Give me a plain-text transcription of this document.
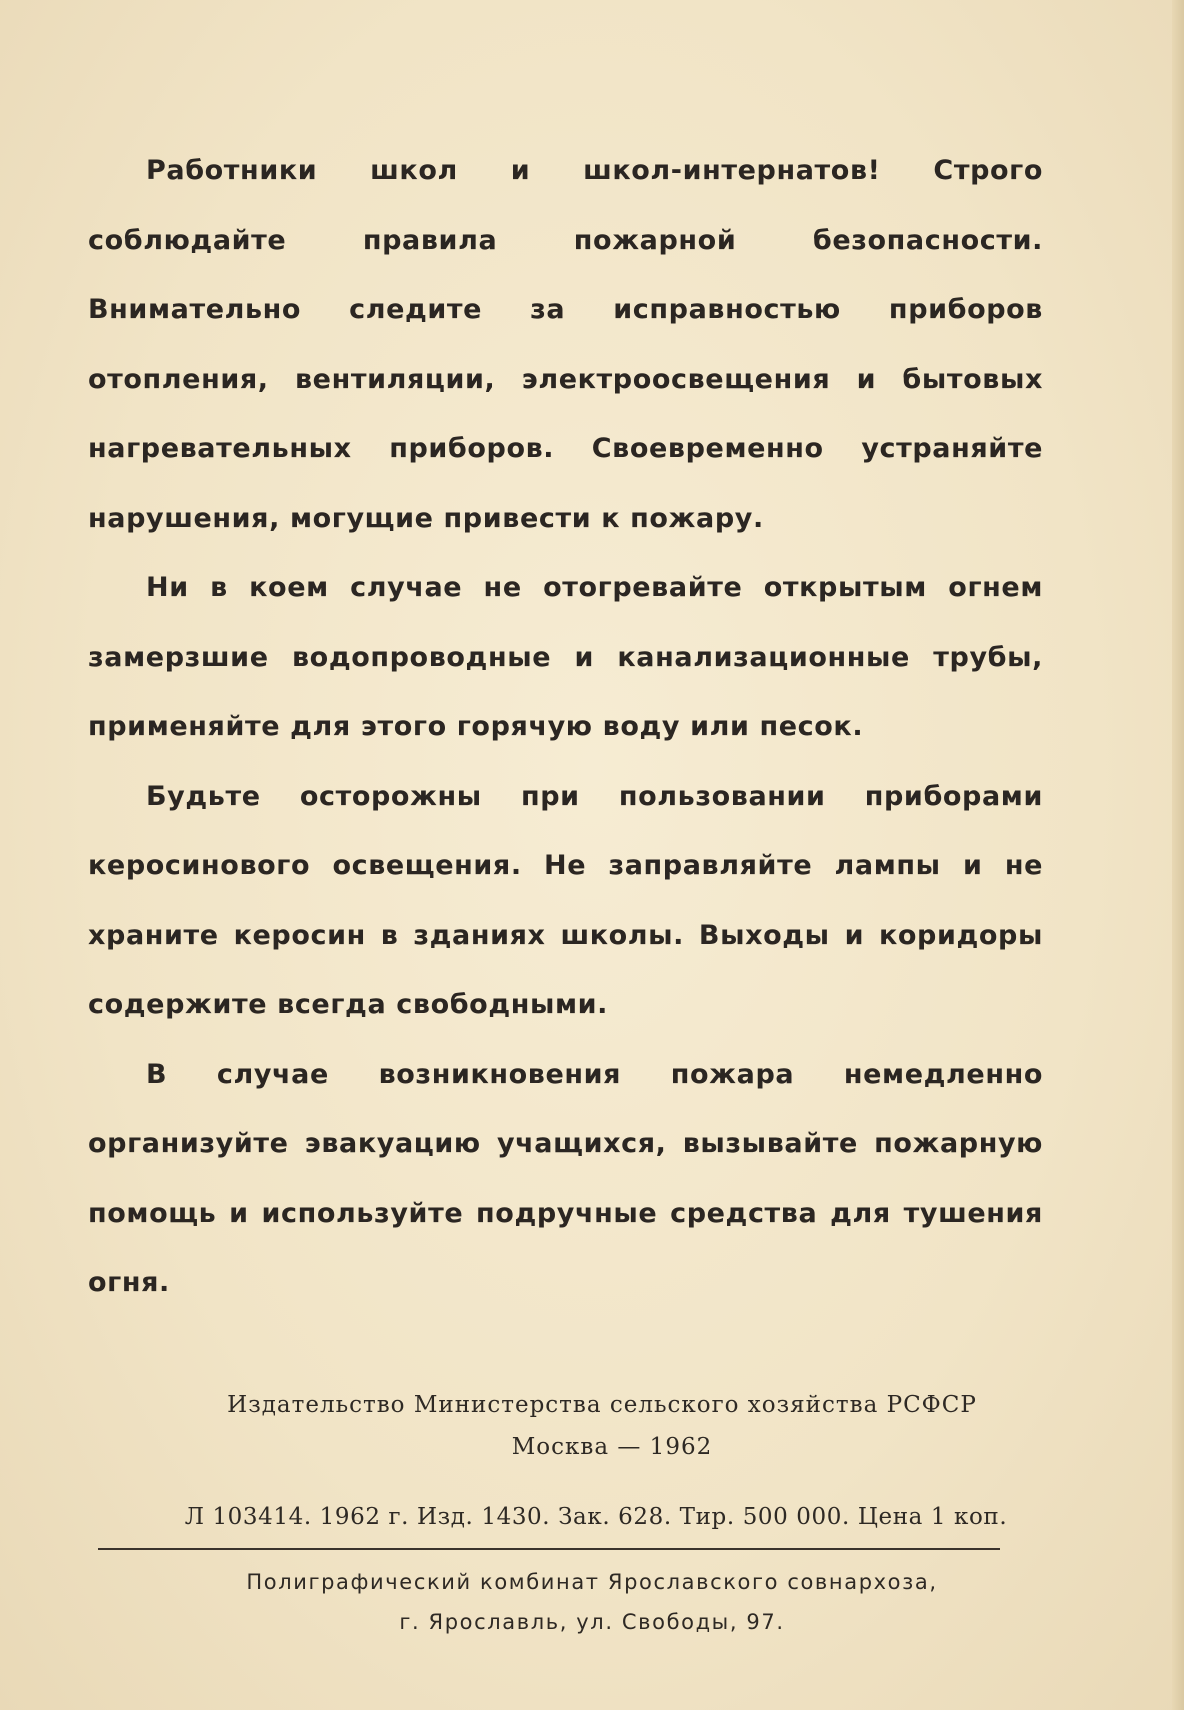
Работники школ и школ-интернатов! Строго соблюдайте правила пожарной безопасности. Внимательно следите за исправностью приборов отопления, вентиляции, электроосвещения и бытовых нагревательных приборов. Своевременно устраняйте нарушения, могущие привести к пожару.

Ни в коем случае не отогревайте открытым огнем замерзшие водопроводные и канализационные трубы, применяйте для этого горячую воду или песок.

Будьте осторожны при пользовании приборами керосинового освещения. Не заправляйте лампы и не храните керосин в зданиях школы. Выходы и коридоры содержите всегда свободными.

В случае возникновения пожара немедленно организуйте эвакуацию учащихся, вызывайте пожарную помощь и используйте подручные средства для тушения огня.

Издательство Министерства сельского хозяйства РСФСР
Москва — 1962
Л 103414. 1962 г. Изд. 1430. Зак. 628. Тир. 500 000. Цена 1 коп.
Полиграфический комбинат Ярославского совнархоза,
г. Ярославль, ул. Свободы, 97.
